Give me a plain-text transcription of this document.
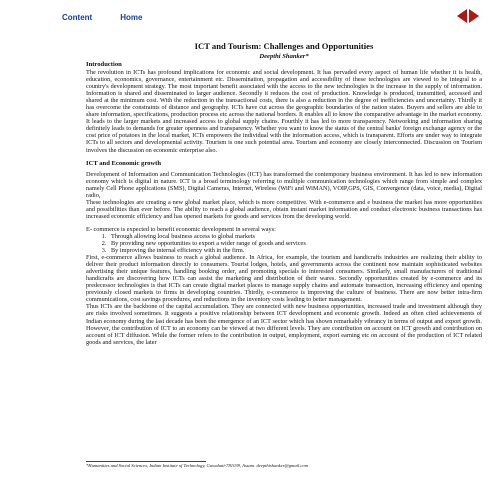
Content	Home
ICT and Tourism: Challenges and Opportunities
Deepthi Shanker*
Introduction

The revolution in ICTs has profound implications for economic and social development. It has pervaded every aspect of human life whether it is health, education, economics, governance, entertainment etc. Dissemination, propagation and accessibility of these technologies are viewed to be integral to a country's development strategy. The most important benefit associated with the access to the new technologies is the increase in the supply of information. Information is shared and disseminated to larger audience. Secondly it reduces the cost of production. Knowledge is produced, transmitted, accessed and shared at the minimum cost. With the reduction in the transactional costs, there is also a reduction in the degree of inefficiencies and uncertainty. Thirdly it has overcome the constraints of distance and geography. ICTs have cut across the geographic boundaries of the nation states. Buyers and sellers are able to share information, specifications, production process etc across the national borders. It enables all to know the comparative advantage in the market economy. It leads to the larger markets and increased access to global supply chains. Fourthly it has led to more transparency. Networking and information sharing definitely leads to demands for greater openness and transparency. Whether you want to know the status of the central banks' foreign exchange agency or the cost price of potatoes in the local market, ICTs empowers the individual with the information access, which is transparent. Efforts are under way to integrate ICTs to all sectors and developmental activity. Tourism is one such potential area. Tourism and economy are closely interconnected. Discussion on Tourism involves the discussion on economic enterprise also.

ICT and Economic growth

Development of Information and Communication Technologies (ICT) has transformed the contemporary business environment. It has led to new information economy which is digital in nature. ICT is a broad terminology referring to multiple communication technologies which range from simple and complex namely Cell Phone applications (SMS), Digital Cameras, Internet, Wireless (WiFi and WiMAN), VOIP,GPS, GIS, Convergence (data, voice, media), Digital radio,

These technologies are creating a new global market place, which is more competitive. With e-commerce and e business the market has more opportunities and possibilities than ever before. The ability to reach a global audience, obtain instant market information and conduct electronic business transactions has increased economic efficiency and has opened markets for goods and services from the developing world.

E- commerce is expected to benefit economic development in several ways:

1. Through allowing local business access to global markets
2. By providing new opportunities to export a wider range of goods and services
3. By improving the internal efficiency with in the firm.

First, e-commerce allows business to reach a global audience. In Africa, for example, the tourism and handicrafts industries are realizing their ability to deliver their product information directly to consumers. Tourist lodges, hotels, and governments across the continent now maintain sophisticated websites advertising their unique features, handling booking order, and promoting specials to interested consumers. Similarly, small manufacturers of traditional handicrafts are discovering how ICTs can assist the marketing and distribution of their wares. Secondly opportunities created by e-commerce and its predecessor technologies is that ICTs can create digital market places to manage supply chains and automate transaction, increasing efficiency and opening previously closed markets to firms in developing countries. Thirdly, e-commerce is improving the culture of business. There are now better intra-firm communications, cost savings procedures, and reductions in the inventory costs leading to better management.

Thus ICTs are the backbone of the capital accumulation. They are connected with new business opportunities, increased trade and investment although they are risks involved sometimes. It suggests a positive relationship between ICT development and economic growth. Indeed an often cited achievements of Indian economy during the last decade has been the emergence of an ICT sector which has shown remarkably vibrancy in terms of output and export growth. However, the contribution of ICT to an economy can be viewed at two different levels. They are contribution on account on ICT growth and contribution on account of ICT diffusion. While the former refers to the contribution in output, employment, export earning etc on account of the production of ICT related goods and services, the later

*Humanities and Social Sciences, Indian Institute of Technology, Guwahati-781039, Assam. deepthishanker@gmail.com
